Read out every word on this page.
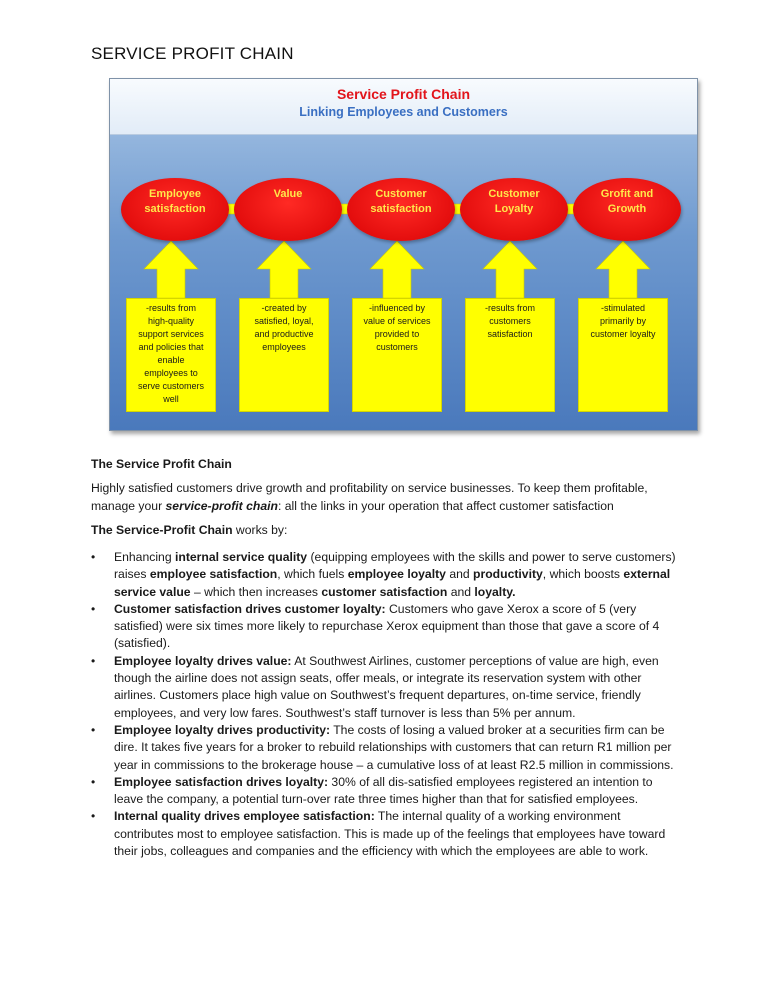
SERVICE PROFIT CHAIN
Service Profit Chain
Linking Employees and Customers
Employee
satisfaction
Value	Customer
satisfaction
Customer
Loyalty
Grofit and
Growth
-results from
high-quality
support services
and policies that
enable
employees to
serve customers
well
-created by
satisfied, loyal,
and productive
employees
-influenced by
value of services
provided to
customers
-results from
customers
satisfaction
-stimulated
primarily by
customer loyalty
The Service Profit Chain
Highly satisfied customers drive growth and profitability on service businesses. To keep them profitable,
manage your service-profit chain: all the links in your operation that affect customer satisfaction
The Service-Profit Chain works by:
• Enhancing internal service quality (equipping employees with the skills and power to serve customers) raises employee satisfaction, which fuels employee loyalty and productivity, which boosts external service value – which then increases customer satisfaction and loyalty.
• Customer satisfaction drives customer loyalty: Customers who gave Xerox a score of 5 (very satisfied) were six times more likely to repurchase Xerox equipment than those that gave a score of 4 (satisfied).
• Employee loyalty drives value: At Southwest Airlines, customer perceptions of value are high, even though the airline does not assign seats, offer meals, or integrate its reservation system with other airlines. Customers place high value on Southwest’s frequent departures, on-time service, friendly employees, and very low fares. Southwest’s staff turnover is less than 5% per annum.
• Employee loyalty drives productivity: The costs of losing a valued broker at a securities firm can be dire. It takes five years for a broker to rebuild relationships with customers that can return R1 million per year in commissions to the brokerage house – a cumulative loss of at least R2.5 million in commissions.
• Employee satisfaction drives loyalty: 30% of all dis-satisfied employees registered an intention to leave the company, a potential turn-over rate three times higher than that for satisfied employees.
• Internal quality drives employee satisfaction: The internal quality of a working environment contributes most to employee satisfaction. This is made up of the feelings that employees have toward their jobs, colleagues and companies and the efficiency with which the employees are able to work.
